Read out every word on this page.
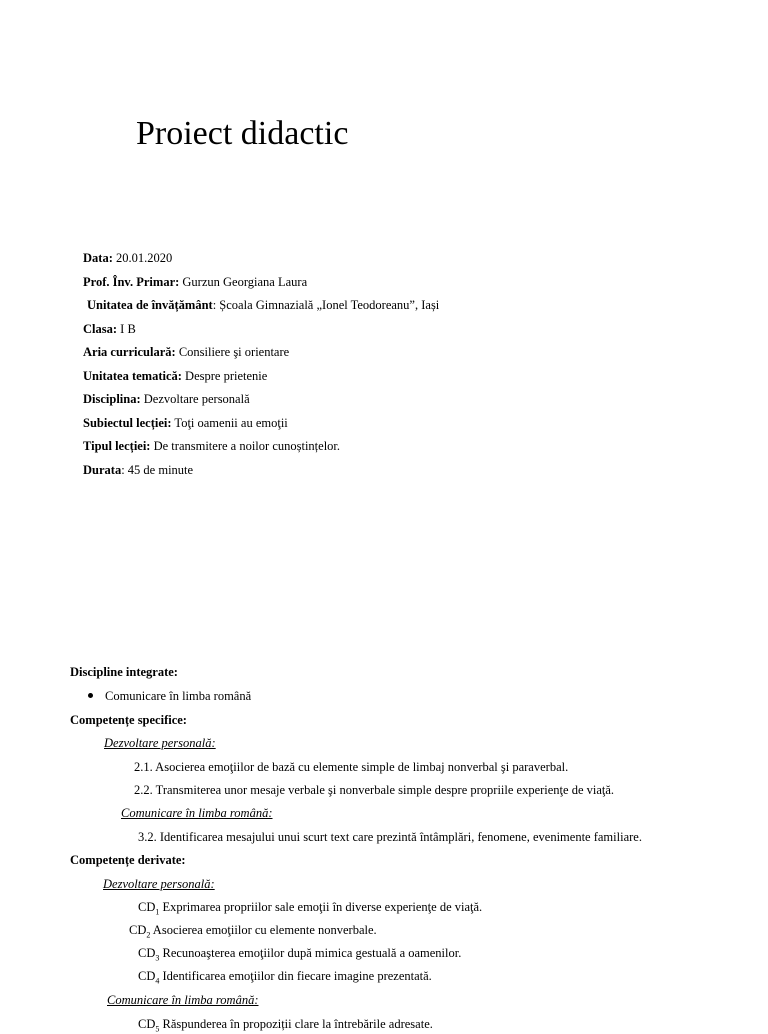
Proiect didactic
Data: 20.01.2020
Prof. Înv. Primar: Gurzun Georgiana Laura
Unitatea de învățământ: Școala Gimnazială „Ionel Teodoreanu”, Iași
Clasa: I B
Aria curriculară: Consiliere şi orientare
Unitatea tematică: Despre prietenie
Disciplina: Dezvoltare personală
Subiectul lecției: Toţi oamenii au emoţii
Tipul lecției: De transmitere a noilor cunoștințelor.
Durata: 45 de minute
Discipline integrate:
Comunicare în limba română
Competențe specifice:
Dezvoltare personală:
2.1. Asocierea emoţiilor de bază cu elemente simple de limbaj nonverbal şi paraverbal.
2.2. Transmiterea unor mesaje verbale şi nonverbale simple despre propriile experienţe de viaţă.
Comunicare în limba română:
3.2. Identificarea mesajului unui scurt text care prezintă întâmplări, fenomene, evenimente familiare.
Competențe derivate:
Dezvoltare personală:
$CD_1$ Exprimarea propriilor sale emoţii în diverse experienţe de viaţă.
$CD_2$ Asocierea emoţiilor cu elemente nonverbale.
$CD_3$ Recunoaşterea emoţiilor după mimica gestuală a oamenilor.
$CD_4$ Identificarea emoţiilor din fiecare imagine prezentată.
Comunicare în limba română:
$CD_5$ Răspunderea în propoziții clare la întrebările adresate.
